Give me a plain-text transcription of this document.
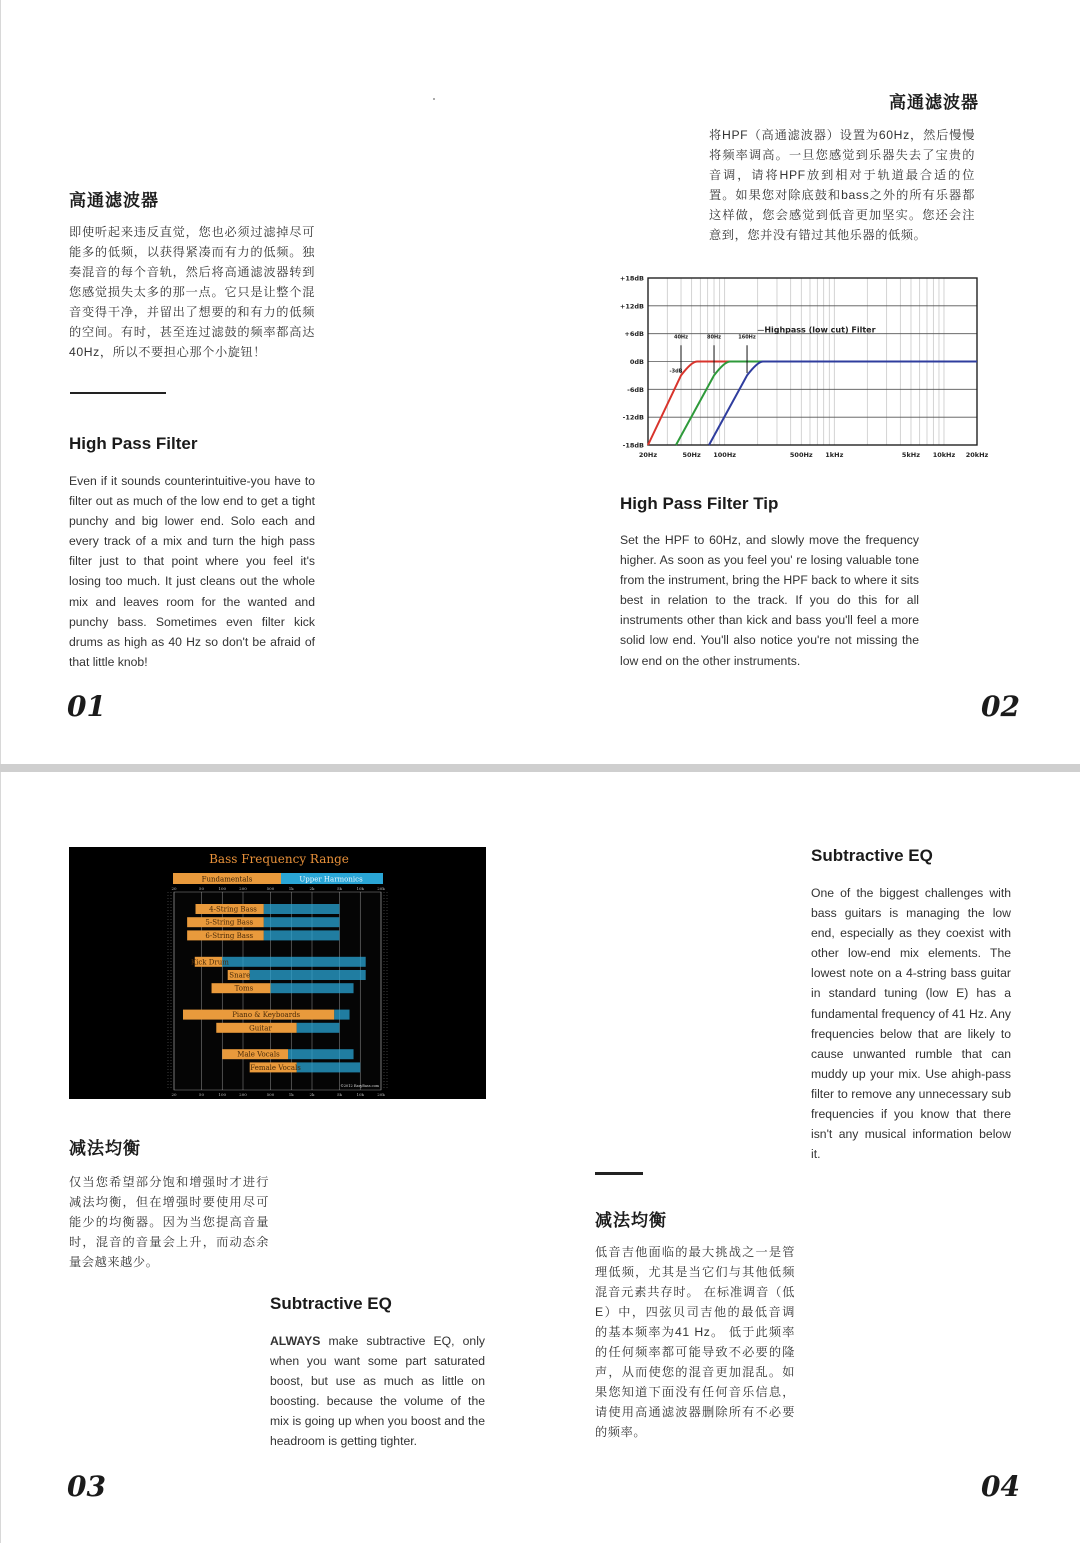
高通滤波器
即使听起来违反直觉，您也必须过滤掉尽可能多的低频，以获得紧凑而有力的低频。独奏混音的每个音轨，然后将高通滤波器转到您感觉损失太多的那一点。它只是让整个混音变得干净，并留出了想要的和有力的低频的空间。有时，甚至连过滤鼓的频率都高达40Hz，所以不要担心那个小旋钮！
High Pass Filter
Even if it sounds counterintuitive-you have to filter out as much of the low end to get a tight punchy and big lower end. Solo each and every track of a mix and turn the high pass filter just to that point where you feel it's losing too much. It just cleans out the whole mix and leaves room for the wanted and punchy bass. Sometimes even filter kick drums as high as 40 Hz so don't be afraid of that little knob!
01
高通滤波器
将HPF（高通滤波器）设置为60Hz，然后慢慢将频率调高。一旦您感觉到乐器失去了宝贵的音调，请将HPF放到相对于轨道最合适的位置。如果您对除底鼓和bass之外的所有乐器都这样做，您会感觉到低音更加坚实。您还会注意到，您并没有错过其他乐器的低频。
+18dB
+12dB
+6dB
0dB
-6dB
-12dB
-18dB
20Hz	50Hz 100Hz	500Hz 1kHz	5kHz 10kHz 20kHz
40Hz	80Hz	160Hz
-3dB
Highpass (low cut) Filter
High Pass Filter Tip
Set the HPF to 60Hz, and slowly move the frequency higher. As soon as you feel you' re losing valuable tone from the instrument, bring the HPF back to where it sits best in relation to the track. If you do this for all instruments other than kick and bass you'll feel a more solid low end. You'll also notice you're not missing the low end on the other instruments.
02
Bass Frequency Range
Fundamentals	Upper Harmonics
20
20
50
50
100
100
200
200
500
500
1k
1k
2k
2k
5k
5k
10k
10k
20k
20k
4-String Bass
5-String Bass
6-String Bass
Kick Drum
Snare
Toms
Piano & Keyboards
Guitar
Male Vocals
Female Vocals
©2012 EasyBass.com
减法均衡
仅当您希望部分饱和增强时才进行减法均衡，但在增强时要使用尽可能少的均衡器。因为当您提高音量时，混音的音量会上升，而动态余量会越来越少。
Subtractive EQ
ALWAYS make subtractive EQ, only when you want some part saturated boost, but use as much as little on boosting. because the volume of the mix is going up when you boost and the headroom is getting tighter.
03
Subtractive EQ
One of the biggest challenges with bass guitars is managing the low end, especially as they coexist with other low-end mix elements. The lowest note on a 4-string bass guitar in standard tuning (low E) has a fundamental frequency of 41 Hz. Any frequencies below that are likely to cause unwanted rumble that can muddy up your mix. Use ahigh-pass filter to remove any unnecessary sub frequencies if you know that there isn't any musical information below it.
减法均衡
低音吉他面临的最大挑战之一是管理低频，尤其是当它们与其他低频混音元素共存时。 在标准调音（低E）中，四弦贝司吉他的最低音调的基本频率为41 Hz。 低于此频率的任何频率都可能导致不必要的隆声，从而使您的混音更加混乱。如果您知道下面没有任何音乐信息，请使用高通滤波器删除所有不必要的频率。
04
